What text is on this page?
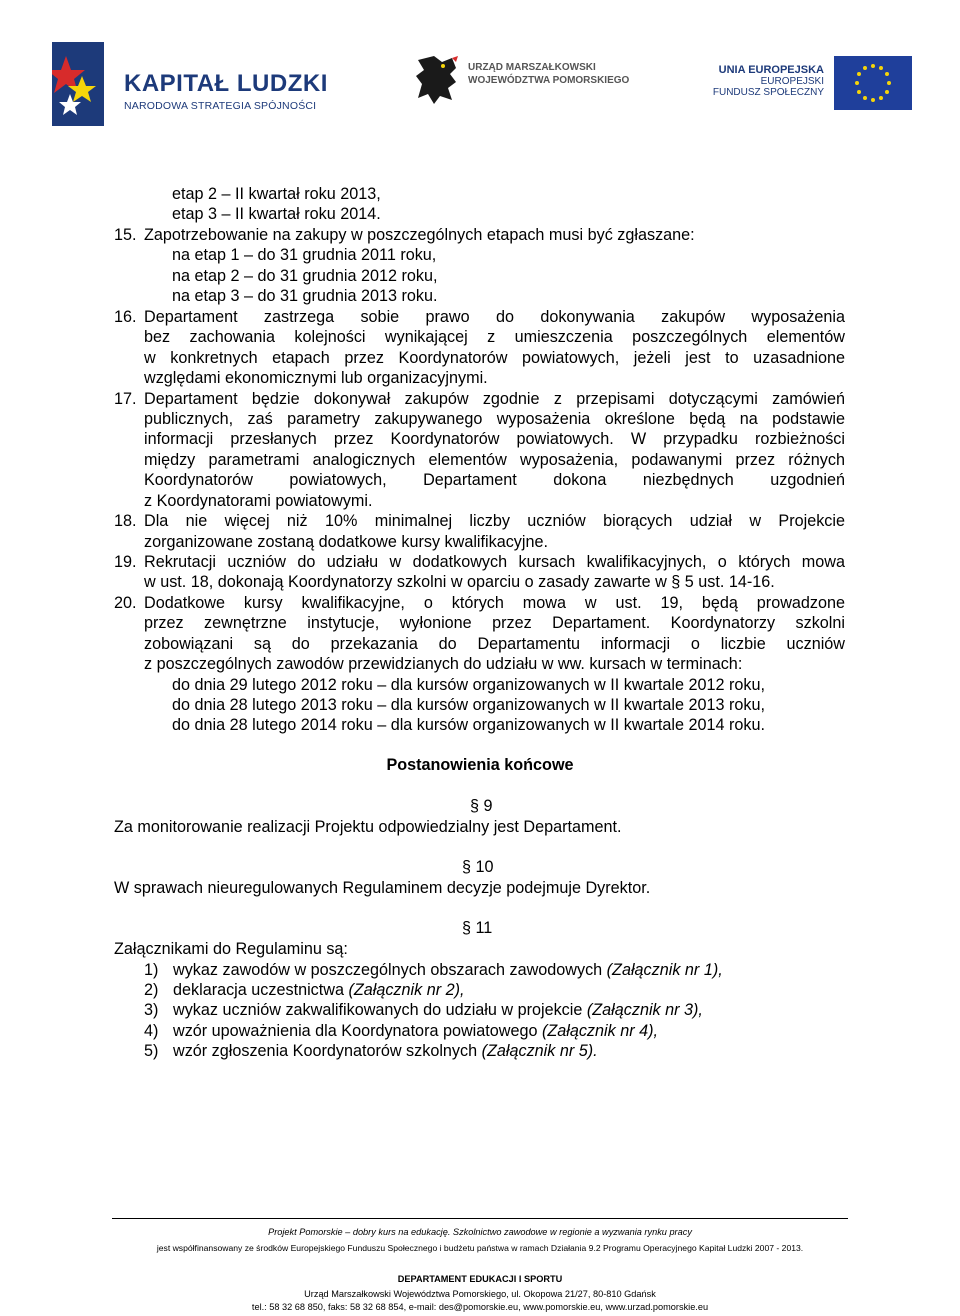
KAPITAŁ LUDZKI
NARODOWA STRATEGIA SPÓJNOŚCI
URZĄD MARSZAŁKOWSKI
WOJEWÓDZTWA POMORSKIEGO
UNIA EUROPEJSKA
EUROPEJSKI
FUNDUSZ SPOŁECZNY
etap 2 – II kwartał roku 2013,
etap 3 – II kwartał roku 2014.
15. Zapotrzebowanie na zakupy w poszczególnych etapach musi być zgłaszane:
na etap 1 – do 31 grudnia 2011 roku,
na etap 2 – do 31 grudnia 2012 roku,
na etap 3 – do 31 grudnia 2013 roku.
16. Departament zastrzega sobie prawo do dokonywania zakupów wyposażenia
bez zachowania kolejności wynikającej z umieszczenia poszczególnych elementów
w konkretnych etapach przez Koordynatorów powiatowych, jeżeli jest to uzasadnione
względami ekonomicznymi lub organizacyjnymi.
17. Departament będzie dokonywał zakupów zgodnie z przepisami dotyczącymi zamówień
publicznych, zaś parametry zakupywanego wyposażenia określone będą na podstawie
informacji przesłanych przez Koordynatorów powiatowych. W przypadku rozbieżności
między parametrami analogicznych elementów wyposażenia, podawanymi przez różnych
Koordynatorów powiatowych, Departament dokona niezbędnych uzgodnień
z Koordynatorami powiatowymi.
18. Dla nie więcej niż 10% minimalnej liczby uczniów biorących udział w Projekcie
zorganizowane zostaną dodatkowe kursy kwalifikacyjne.
19. Rekrutacji uczniów do udziału w dodatkowych kursach kwalifikacyjnych, o których mowa
w ust. 18, dokonają Koordynatorzy szkolni w oparciu o zasady zawarte w § 5 ust. 14-16.
20. Dodatkowe kursy kwalifikacyjne, o których mowa w ust. 19, będą prowadzone
przez zewnętrzne instytucje, wyłonione przez Departament. Koordynatorzy szkolni
zobowiązani są do przekazania do Departamentu informacji o liczbie uczniów
z poszczególnych zawodów przewidzianych do udziału w ww. kursach w terminach:
do dnia 29 lutego 2012 roku – dla kursów organizowanych w II kwartale 2012 roku,
do dnia 28 lutego 2013 roku – dla kursów organizowanych w II kwartale 2013 roku,
do dnia 28 lutego 2014 roku – dla kursów organizowanych w II kwartale 2014 roku.
Postanowienia końcowe
§ 9
Za monitorowanie realizacji Projektu odpowiedzialny jest Departament.
§ 10
W sprawach nieuregulowanych Regulaminem decyzje podejmuje Dyrektor.
§ 11
Załącznikami do Regulaminu są:
1) wykaz zawodów w poszczególnych obszarach zawodowych (Załącznik nr 1),
2) deklaracja uczestnictwa (Załącznik nr 2),
3) wykaz uczniów zakwalifikowanych do udziału w projekcie (Załącznik nr 3),
4) wzór upoważnienia dla Koordynatora powiatowego (Załącznik nr 4),
5) wzór zgłoszenia Koordynatorów szkolnych (Załącznik nr 5).
Projekt Pomorskie – dobry kurs na edukację. Szkolnictwo zawodowe w regionie a wyzwania rynku pracy
jest współfinansowany ze środków Europejskiego Funduszu Społecznego i budżetu państwa w ramach Działania 9.2 Programu Operacyjnego Kapitał Ludzki 2007 - 2013.
DEPARTAMENT EDUKACJI I SPORTU
Urząd Marszałkowski Województwa Pomorskiego, ul. Okopowa 21/27, 80-810 Gdańsk
tel.: 58 32 68 850, faks: 58 32 68 854, e-mail: des@pomorskie.eu, www.pomorskie.eu, www.urzad.pomorskie.eu
